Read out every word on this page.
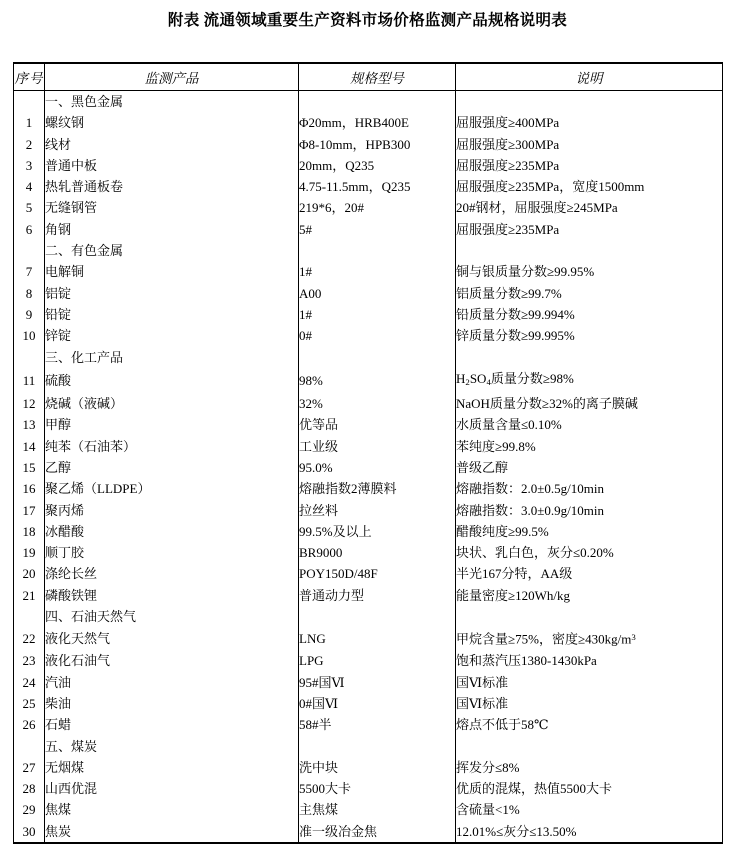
附表 流通领域重要生产资料市场价格监测产品规格说明表
序号	监测产品	规格型号	说明
	一、黑色金属		
1	螺纹钢	Φ20mm，HRB400E	屈服强度≥400MPa
2	线材	Φ8-10mm，HPB300	屈服强度≥300MPa
3	普通中板	20mm，Q235	屈服强度≥235MPa
4	热轧普通板卷	4.75-11.5mm，Q235	屈服强度≥235MPa，宽度1500mm
5	无缝钢管	219*6，20#	20#钢材，屈服强度≥245MPa
6	角钢	5#	屈服强度≥235MPa
	二、有色金属		
7	电解铜	1#	铜与银质量分数≥99.95%
8	铝锭	A00	铝质量分数≥99.7%
9	铅锭	1#	铅质量分数≥99.994%
10	锌锭	0#	锌质量分数≥99.995%
	三、化工产品		
11	硫酸	98%	$H_2SO_4$质量分数≥98%
12	烧碱（液碱）	32%	NaOH质量分数≥32%的离子膜碱
13	甲醇	优等品	水质量含量≤0.10%
14	纯苯（石油苯）	工业级	苯纯度≥99.8%
15	乙醇	95.0%	普级乙醇
16	聚乙烯（LLDPE）	熔融指数2薄膜料	熔融指数：2.0±0.5g/10min
17	聚丙烯	拉丝料	熔融指数：3.0±0.9g/10min
18	冰醋酸	99.5%及以上	醋酸纯度≥99.5%
19	顺丁胶	BR9000	块状、乳白色，灰分≤0.20%
20	涤纶长丝	POY150D/48F	半光167分特，AA级
21	磷酸铁锂	普通动力型	能量密度≥120Wh/kg
	四、石油天然气		
22	液化天然气	LNG	甲烷含量≥75%，密度$\ge 430kg/m^3$
23	液化石油气	LPG	饱和蒸汽压1380-1430kPa
24	汽油	95#国Ⅵ	国Ⅵ标准
25	柴油	0#国Ⅵ	国Ⅵ标准
26	石蜡	58#半	熔点不低于58℃
	五、煤炭		
27	无烟煤	洗中块	挥发分≤8%
28	山西优混	5500大卡	优质的混煤，热值5500大卡
29	焦煤	主焦煤	含硫量<1%
30	焦炭	准一级冶金焦	12.01%≤灰分≤13.50%
